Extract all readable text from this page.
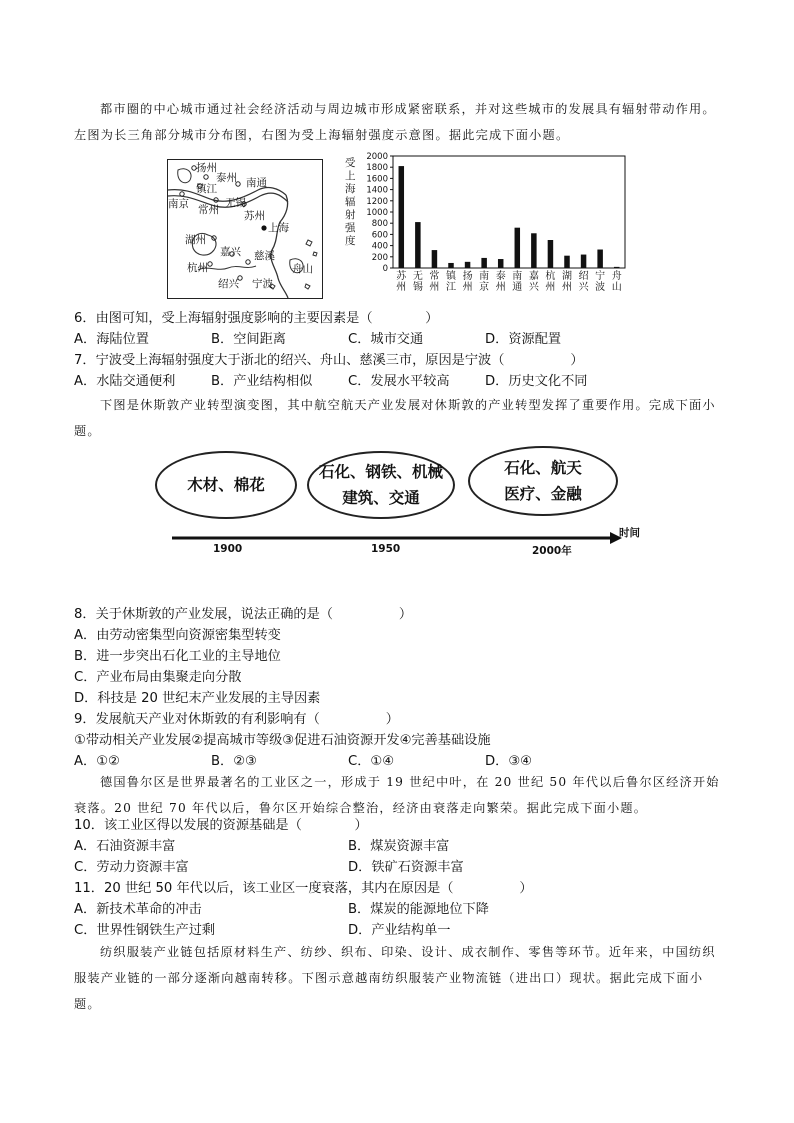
都市圈的中心城市通过社会经济活动与周边城市形成紧密联系，并对这些城市的发展具有辐射带动作用。左图为长三角部分城市分布图，右图为受上海辐射强度示意图。据此完成下面小题。
扬州
泰州
镇江	南通
南京 常州
无锡
苏州
上海
湖州
嘉兴 慈溪
杭州	舟山
绍兴 宁波
受
上
海
辐
射
强
度
0
200
400
600
800
1000
1200
1400
1600
1800
2000
苏
州
无
锡
常
州
镇
江
扬
州
南
京
泰
州
南
通
嘉
兴
杭
州
湖
州
绍
兴
宁
波
舟
山
6．由图可知，受上海辐射强度影响的主要因素是（　　　　）
A．海陆位置	B．空间距离	C．城市交通	D．资源配置
7．宁波受上海辐射强度大于浙北的绍兴、舟山、慈溪三市，原因是宁波（　　　　　）
A．水陆交通便利	B．产业结构相似	C．发展水平较高	D．历史文化不同
下图是休斯敦产业转型演变图，其中航空航天产业发展对休斯敦的产业转型发挥了重要作用。完成下面小题。
木材、棉花
石化、钢铁、机械
建筑、交通
石化、航天
医疗、金融
时间
1900	1950	2000年
8．关于休斯敦的产业发展，说法正确的是（　　　　　）
A．由劳动密集型向资源密集型转变
B．进一步突出石化工业的主导地位
C．产业布局由集聚走向分散
D．科技是 20 世纪末产业发展的主导因素
9．发展航天产业对休斯敦的有利影响有（　　　　　）
①带动相关产业发展②提高城市等级③促进石油资源开发④完善基础设施
A．①②	B．②③	C．①④	D．③④
德国鲁尔区是世界最著名的工业区之一，形成于 19 世纪中叶，在 20 世纪 50 年代以后鲁尔区经济开始衰落。20 世纪 70 年代以后，鲁尔区开始综合整治，经济由衰落走向繁荣。据此完成下面小题。
10．该工业区得以发展的资源基础是（　　　　）
A．石油资源丰富	B．煤炭资源丰富
C．劳动力资源丰富	D．铁矿石资源丰富
11．20 世纪 50 年代以后，该工业区一度衰落，其内在原因是（　　　　　）
A．新技术革命的冲击	B．煤炭的能源地位下降
C．世界性钢铁生产过剩	D．产业结构单一
纺织服装产业链包括原材料生产、纺纱、织布、印染、设计、成衣制作、零售等环节。近年来，中国纺织服装产业链的一部分逐渐向越南转移。下图示意越南纺织服装产业物流链（进出口）现状。据此完成下面小题。
